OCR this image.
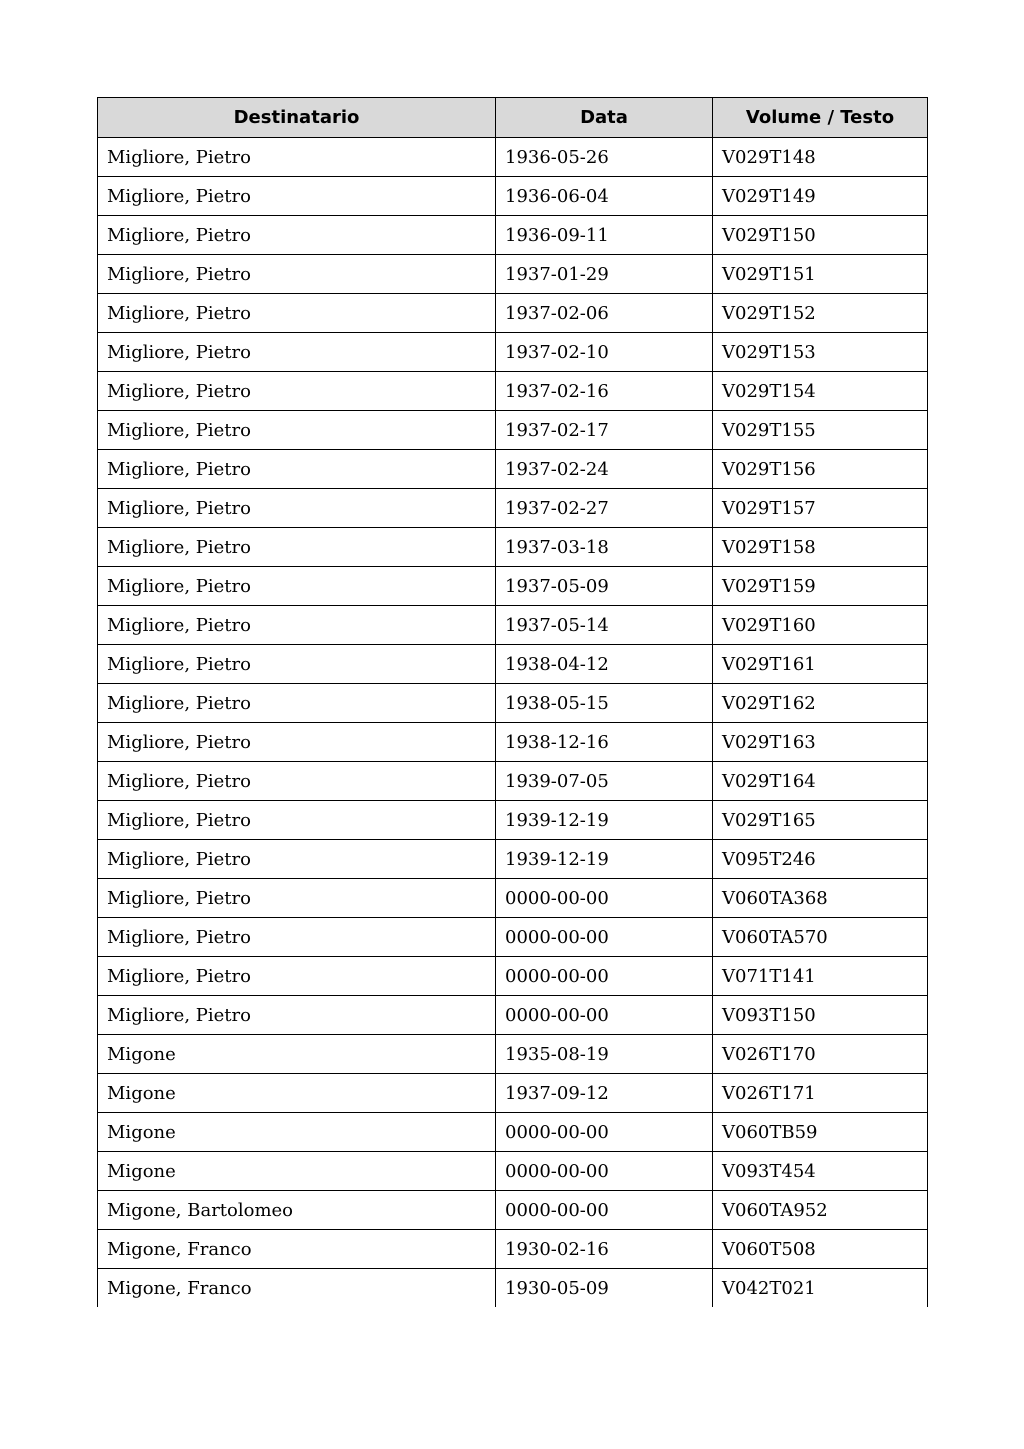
Destinatario	Data	Volume / Testo
Migliore, Pietro	1936-05-26	V029T148
Migliore, Pietro	1936-06-04	V029T149
Migliore, Pietro	1936-09-11	V029T150
Migliore, Pietro	1937-01-29	V029T151
Migliore, Pietro	1937-02-06	V029T152
Migliore, Pietro	1937-02-10	V029T153
Migliore, Pietro	1937-02-16	V029T154
Migliore, Pietro	1937-02-17	V029T155
Migliore, Pietro	1937-02-24	V029T156
Migliore, Pietro	1937-02-27	V029T157
Migliore, Pietro	1937-03-18	V029T158
Migliore, Pietro	1937-05-09	V029T159
Migliore, Pietro	1937-05-14	V029T160
Migliore, Pietro	1938-04-12	V029T161
Migliore, Pietro	1938-05-15	V029T162
Migliore, Pietro	1938-12-16	V029T163
Migliore, Pietro	1939-07-05	V029T164
Migliore, Pietro	1939-12-19	V029T165
Migliore, Pietro	1939-12-19	V095T246
Migliore, Pietro	0000-00-00	V060TA368
Migliore, Pietro	0000-00-00	V060TA570
Migliore, Pietro	0000-00-00	V071T141
Migliore, Pietro	0000-00-00	V093T150
Migone	1935-08-19	V026T170
Migone	1937-09-12	V026T171
Migone	0000-00-00	V060TB59
Migone	0000-00-00	V093T454
Migone, Bartolomeo	0000-00-00	V060TA952
Migone, Franco	1930-02-16	V060T508
Migone, Franco	1930-05-09	V042T021
